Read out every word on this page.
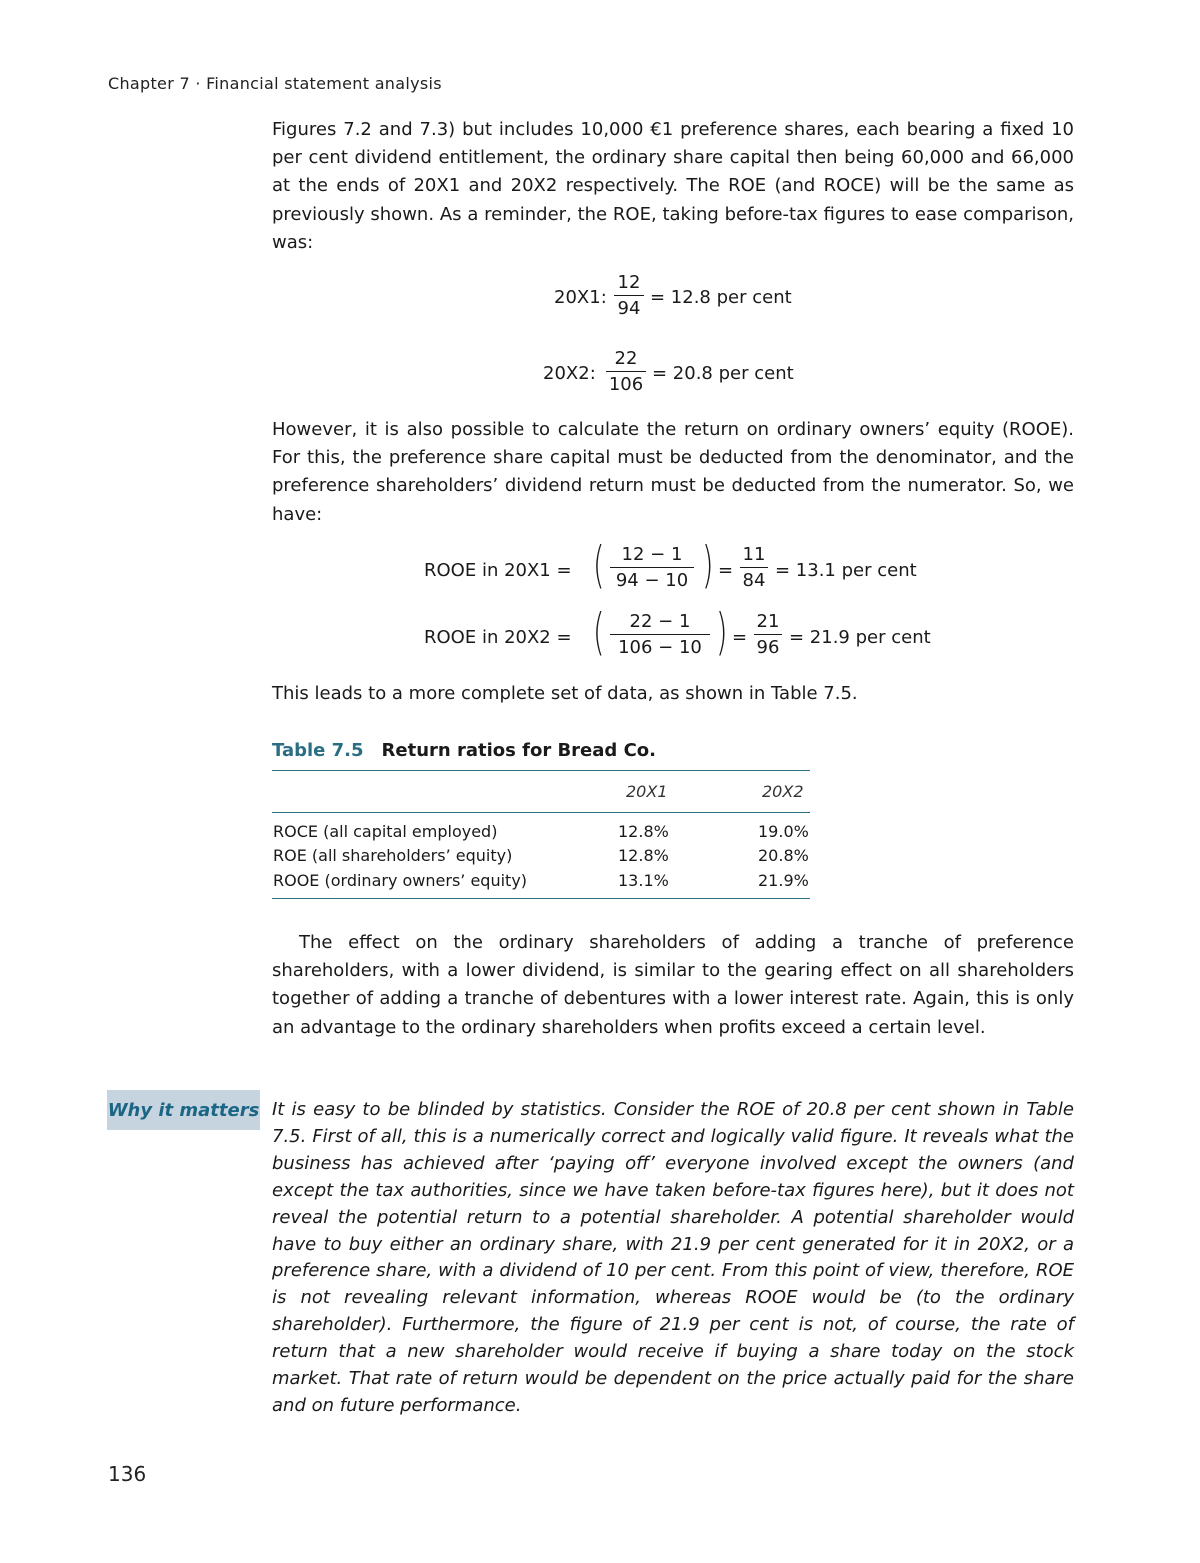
Chapter 7 · Financial statement analysis
Figures 7.2 and 7.3) but includes 10,000 €1 preference shares, each bearing a fixed 10 per cent dividend entitlement, the ordinary share capital then being 60,000 and 66,000 at the ends of 20X1 and 20X2 respectively. The ROE (and ROCE) will be the same as previously shown. As a reminder, the ROE, taking before-tax figures to ease comparison, was:
20X1:
12
94
= 12.8 per cent
20X2:
22
106
= 20.8 per cent
However, it is also possible to calculate the return on ordinary owners’ equity (ROOE). For this, the preference share capital must be deducted from the denominator, and the preference shareholders’ dividend return must be deducted from the numerator. So, we have:
ROOE in 20X1 = ( 12 − 1
94 − 10 ) =
11
84 = 13.1 per cent
ROOE in 20X2 = (	22 − 1
106 − 10 ) =
21
96 = 21.9 per cent
This leads to a more complete set of data, as shown in Table 7.5.
Table 7.5 Return ratios for Bread Co.
20X1	20X2
ROCE (all capital employed)	12.8%	19.0%
ROE (all shareholders’ equity)	12.8%	20.8%
ROOE (ordinary owners’ equity)	13.1%	21.9%
The effect on the ordinary shareholders of adding a tranche of preference shareholders, with a lower dividend, is similar to the gearing effect on all shareholders together of adding a tranche of debentures with a lower interest rate. Again, this is only an advantage to the ordinary shareholders when profits exceed a certain level.
Why it matters It is easy to be blinded by statistics. Consider the ROE of 20.8 per cent shown in Table 7.5. First of all, this is a numerically correct and logically valid figure. It reveals what the business has achieved after ‘paying off’ everyone involved except the owners (and except the tax authorities, since we have taken before-tax figures here), but it does not reveal the potential return to a potential shareholder. A potential shareholder would have to buy either an ordinary share, with 21.9 per cent generated for it in 20X2, or a preference share, with a dividend of 10 per cent. From this point of view, therefore, ROE is not revealing relevant information, whereas ROOE would be (to the ordinary shareholder). Furthermore, the figure of 21.9 per cent is not, of course, the rate of return that a new shareholder would receive if buying a share today on the stock market. That rate of return would be dependent on the price actually paid for the share and on future performance.
136
